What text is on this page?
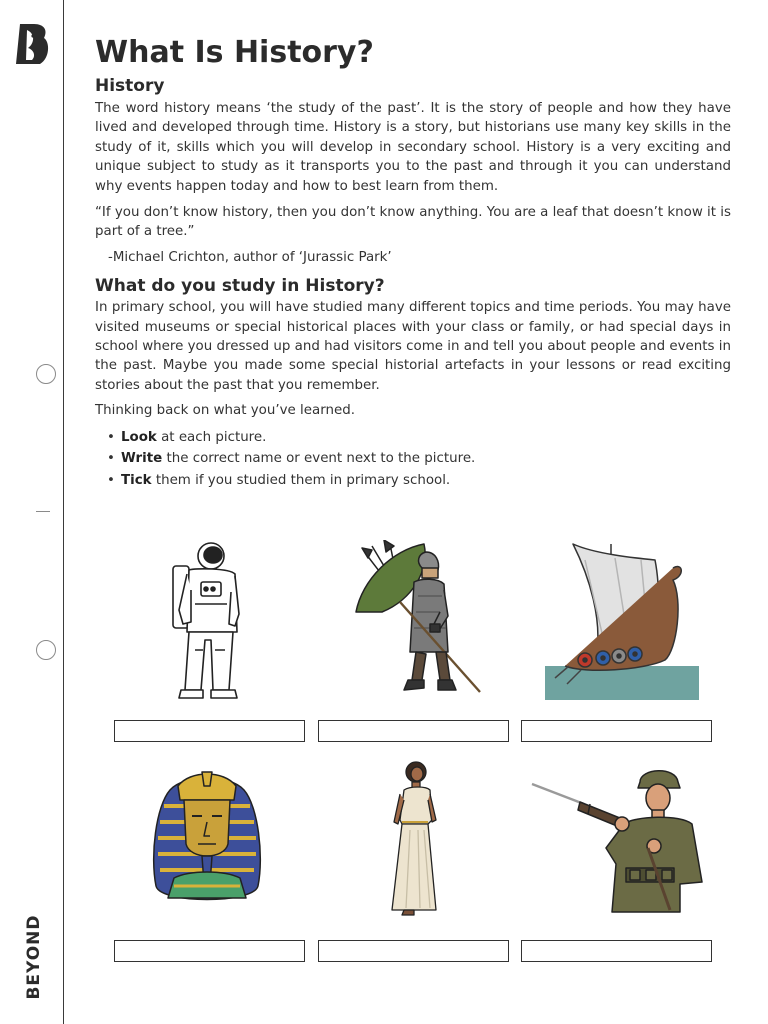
BEYOND
What Is History?
History

The word history means ‘the study of the past’. It is the story of people and how they have lived and developed through time. History is a story, but historians use many key skills in the study of it, skills which you will develop in secondary school. History is a very exciting and unique subject to study as it transports you to the past and through it you can understand why events happen today and how to best learn from them.

“If you don’t know history, then you don’t know anything. You are a leaf that doesn’t know it is part of a tree.”

-Michael Crichton, author of ‘Jurassic Park’

What do you study in History?

In primary school, you will have studied many different topics and time periods. You may have visited museums or special historical places with your class or family, or had special days in school where you dressed up and had visitors come in and tell you about people and events in the past. Maybe you made some special historial artefacts in your lessons or read exciting stories about the past that you remember.

Thinking back on what you’ve learned.

• Look at each picture.
• Write the correct name or event next to the picture.
• Tick them if you studied them in primary school.
